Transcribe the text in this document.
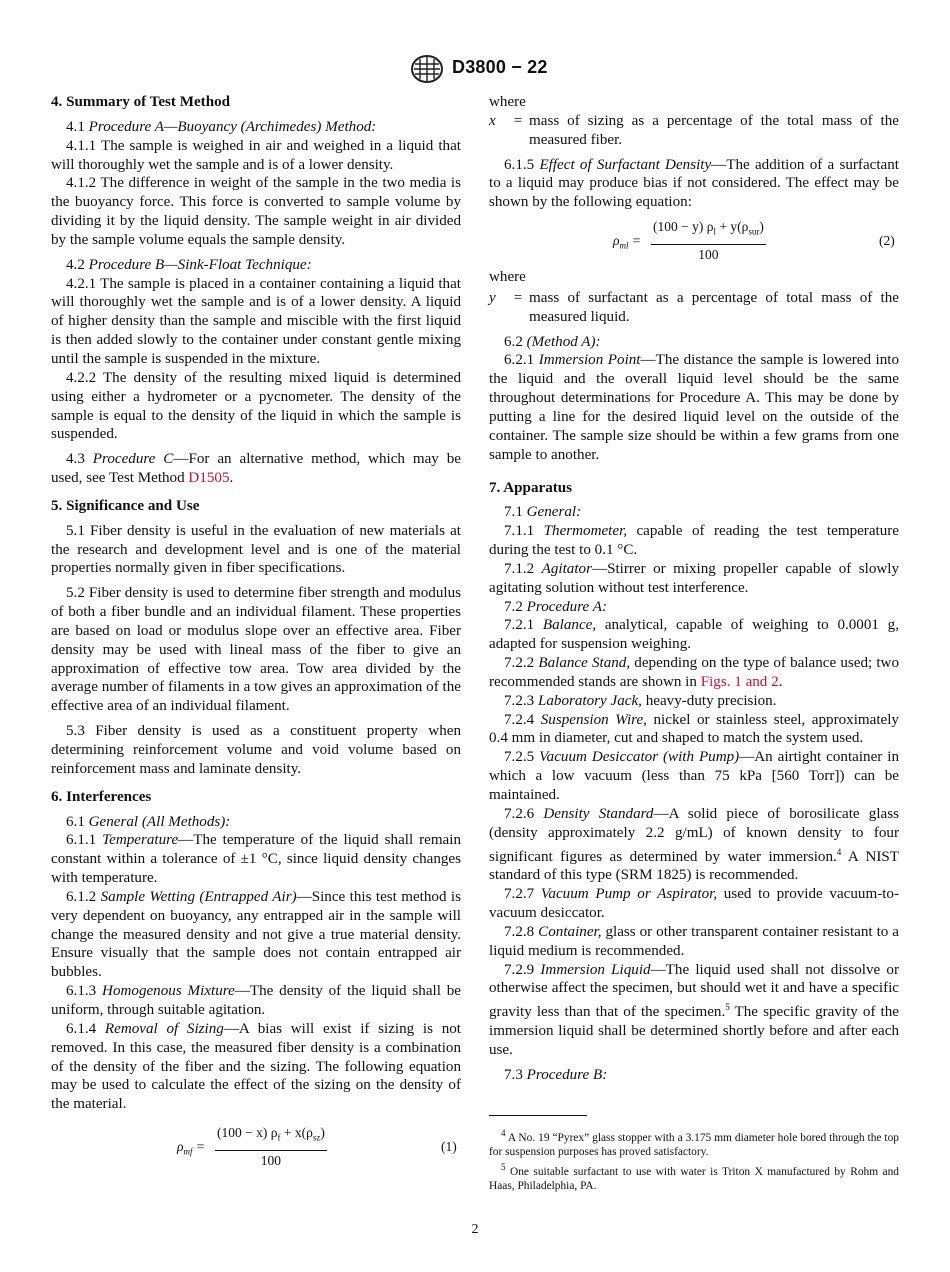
D3800 − 22
4. Summary of Test Method

4.1 Procedure A—Buoyancy (Archimedes) Method:

4.1.1 The sample is weighed in air and weighed in a liquid that will thoroughly wet the sample and is of a lower density.

4.1.2 The difference in weight of the sample in the two media is the buoyancy force. This force is converted to sample volume by dividing it by the liquid density. The sample weight in air divided by the sample volume equals the sample density.

4.2 Procedure B—Sink-Float Technique:

4.2.1 The sample is placed in a container containing a liquid that will thoroughly wet the sample and is of a lower density. A liquid of higher density than the sample and miscible with the first liquid is then added slowly to the container under constant gentle mixing until the sample is suspended in the mixture.

4.2.2 The density of the resulting mixed liquid is determined using either a hydrometer or a pycnometer. The density of the sample is equal to the density of the liquid in which the sample is suspended.

4.3 Procedure C—For an alternative method, which may be used, see Test Method D1505.

5. Significance and Use

5.1 Fiber density is useful in the evaluation of new materials at the research and development level and is one of the material properties normally given in fiber specifications.

5.2 Fiber density is used to determine fiber strength and modulus of both a fiber bundle and an individual filament. These properties are based on load or modulus slope over an effective area. Fiber density may be used with lineal mass of the fiber to give an approximation of effective tow area. Tow area divided by the average number of filaments in a tow gives an approximation of the effective area of an individual filament.

5.3 Fiber density is used as a constituent property when determining reinforcement volume and void volume based on reinforcement mass and laminate density.

6. Interferences

6.1 General (All Methods):

6.1.1 Temperature—The temperature of the liquid shall remain constant within a tolerance of ±1 °C, since liquid density changes with temperature.

6.1.2 Sample Wetting (Entrapped Air)—Since this test method is very dependent on buoyancy, any entrapped air in the sample will change the measured density and not give a true material density. Ensure visually that the sample does not contain entrapped air bubbles.

6.1.3 Homogenous Mixture—The density of the liquid shall be uniform, through suitable agitation.

6.1.4 Removal of Sizing—A bias will exist if sizing is not removed. In this case, the measured fiber density is a combination of the density of the fiber and the sizing. The following equation may be used to calculate the effect of the sizing on the density of the material.

$\rho_{mf}$ =
(100 − x) $\rho_f + x(\rho_{sz})$
100
(1)

where

x	= mass of sizing as a percentage of the total mass of the measured fiber.

6.1.5 Effect of Surfactant Density—The addition of a surfactant to a liquid may produce bias if not considered. The effect may be shown by the following equation:

$\rho_{ml}$ =
(100 − y) $\rho_l + y(\rho_{sur})$
100
(2)

where

y	= mass of surfactant as a percentage of total mass of the measured liquid.

6.2 (Method A):

6.2.1 Immersion Point—The distance the sample is lowered into the liquid and the overall liquid level should be the same throughout determinations for Procedure A. This may be done by putting a line for the desired liquid level on the outside of the container. The sample size should be within a few grams from one sample to another.

7. Apparatus

7.1 General:

7.1.1 Thermometer, capable of reading the test temperature during the test to 0.1 °C.

7.1.2 Agitator—Stirrer or mixing propeller capable of slowly agitating solution without test interference.

7.2 Procedure A:

7.2.1 Balance, analytical, capable of weighing to 0.0001 g, adapted for suspension weighing.

7.2.2 Balance Stand, depending on the type of balance used; two recommended stands are shown in Figs. 1 and 2.

7.2.3 Laboratory Jack, heavy-duty precision.

7.2.4 Suspension Wire, nickel or stainless steel, approximately 0.4 mm in diameter, cut and shaped to match the system used.

7.2.5 Vacuum Desiccator (with Pump)—An airtight container in which a low vacuum (less than 75 kPa [560 Torr]) can be maintained.

7.2.6 Density Standard—A solid piece of borosilicate glass (density approximately 2.2 g/mL) of known density to four significant figures as determined by water immersion.$^4$ A NIST standard of this type (SRM 1825) is recommended.

7.2.7 Vacuum Pump or Aspirator, used to provide vacuum-to-vacuum desiccator.

7.2.8 Container, glass or other transparent container resistant to a liquid medium is recommended.

7.2.9 Immersion Liquid—The liquid used shall not dissolve or otherwise affect the specimen, but should wet it and have a specific gravity less than that of the specimen.$^5$ The specific gravity of the immersion liquid shall be determined shortly before and after each use.

7.3 Procedure B:

$^4$ A No. 19 “Pyrex” glass stopper with a 3.175 mm diameter hole bored through the top for suspension purposes has proved satisfactory.

$^5$ One suitable surfactant to use with water is Triton X manufactured by Rohm and Haas, Philadelphia, PA.

2
